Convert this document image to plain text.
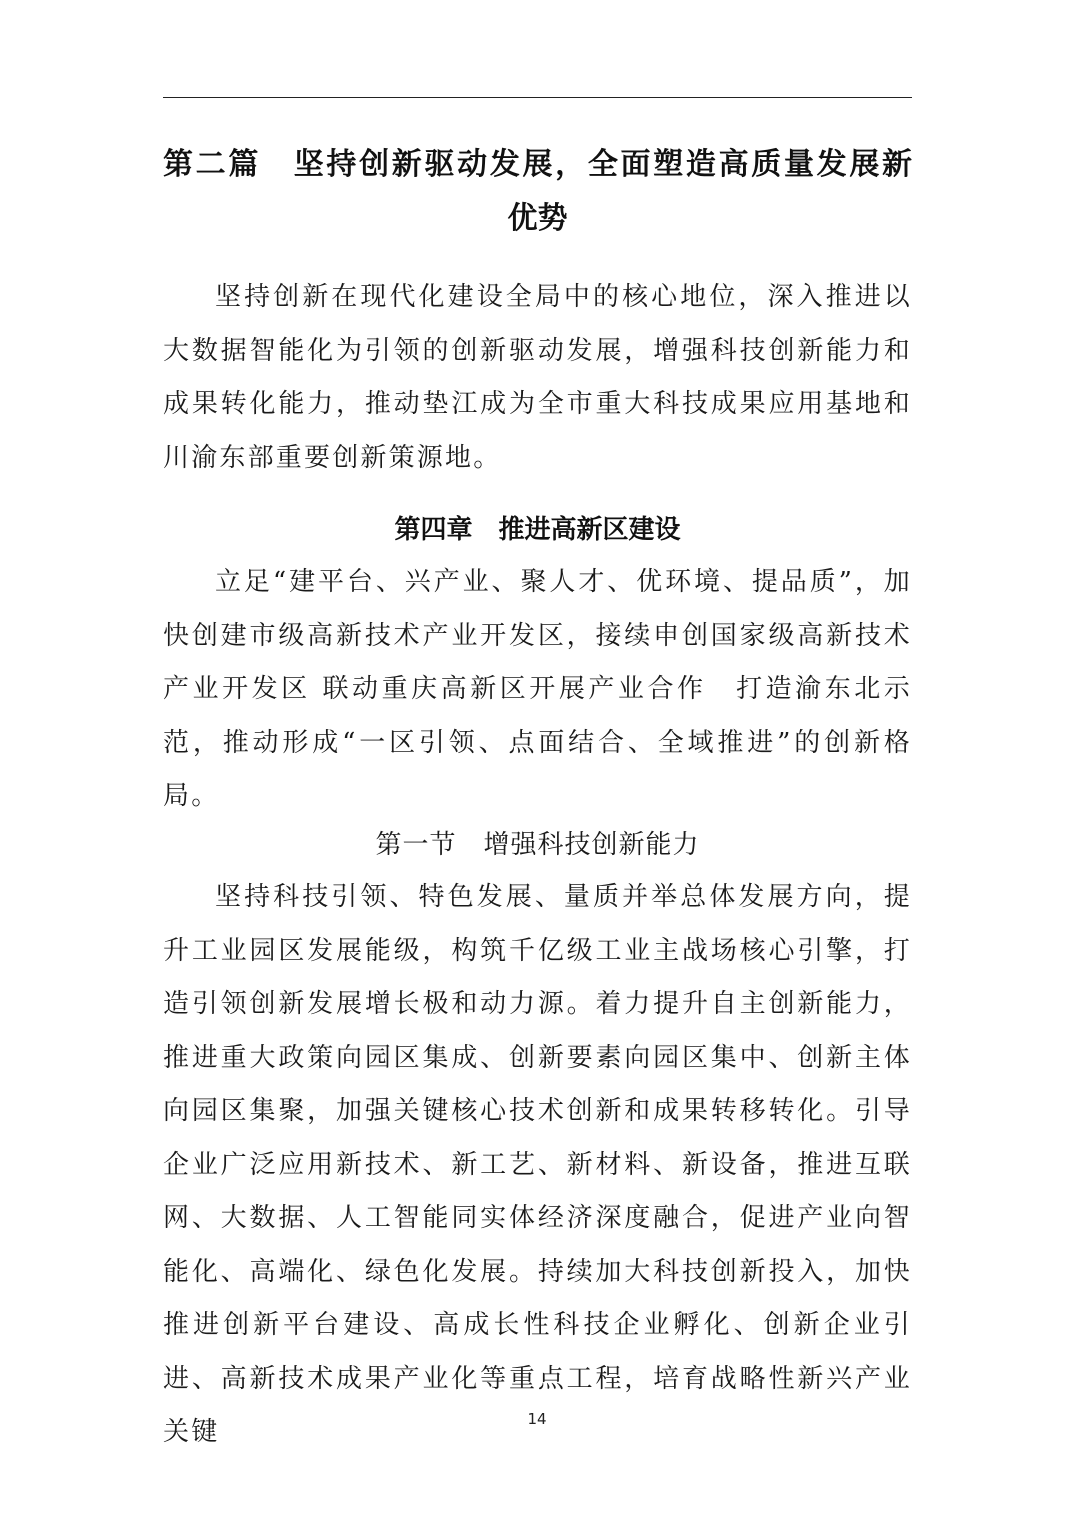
第二篇　坚持创新驱动发展，全面塑造高质量发展新
优势

坚持创新在现代化建设全局中的核心地位，深入推进以大数据智能化为引领的创新驱动发展，增强科技创新能力和成果转化能力，推动垫江成为全市重大科技成果应用基地和川渝东部重要创新策源地。

第四章　推进高新区建设

立足“建平台、兴产业、聚人才、优环境、提品质”，加快创建市级高新技术产业开发区，接续申创国家级高新技术产业开发区 联动重庆高新区开展产业合作　打造渝东北示范，推动形成“一区引领、点面结合、全域推进”的创新格局。

第一节　增强科技创新能力

坚持科技引领、特色发展、量质并举总体发展方向，提升工业园区发展能级，构筑千亿级工业主战场核心引擎，打造引领创新发展增长极和动力源。着力提升自主创新能力，推进重大政策向园区集成、创新要素向园区集中、创新主体向园区集聚，加强关键核心技术创新和成果转移转化。引导企业广泛应用新技术、新工艺、新材料、新设备，推进互联网、大数据、人工智能同实体经济深度融合，促进产业向智能化、高端化、绿色化发展。持续加大科技创新投入，加快推进创新平台建设、高成长性科技企业孵化、创新企业引进、高新技术成果产业化等重点工程，培育战略性新兴产业关键	14
